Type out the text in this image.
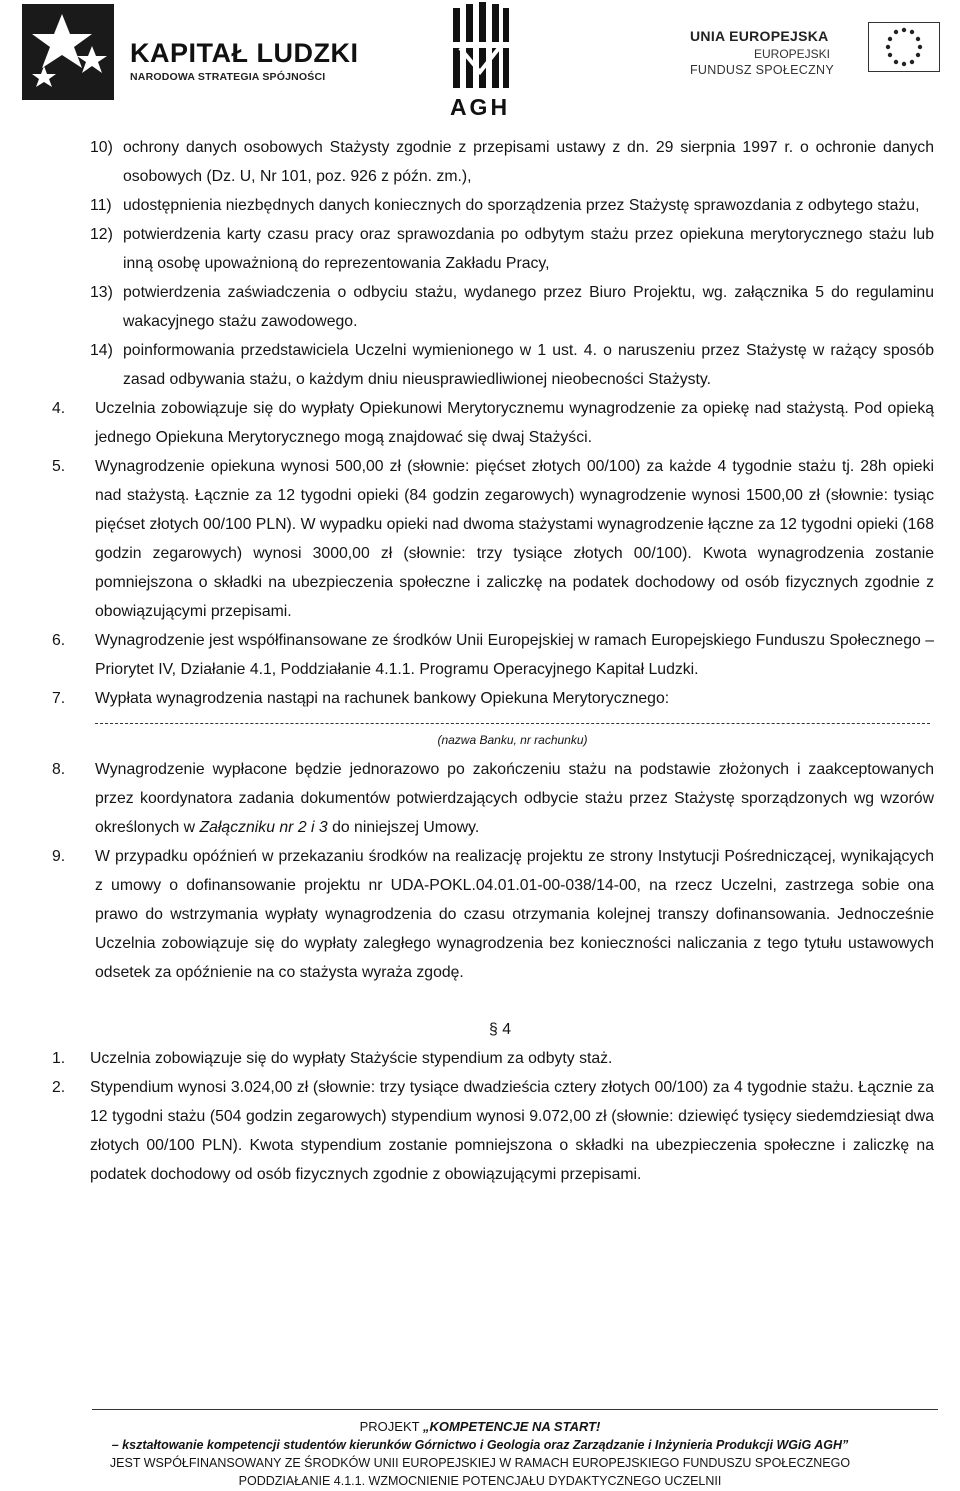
KAPITAŁ LUDZKI
NARODOWA STRATEGIA SPÓJNOŚCI
AGH
UNIA EUROPEJSKA
EUROPEJSKI
FUNDUSZ SPOŁECZNY
10) ochrony danych osobowych Stażysty zgodnie z przepisami ustawy z dn. 29 sierpnia 1997 r. o ochronie danych osobowych (Dz. U, Nr 101, poz. 926 z późn. zm.),
11) udostępnienia niezbędnych danych koniecznych do sporządzenia przez Stażystę sprawozdania z odbytego stażu,
12) potwierdzenia karty czasu pracy oraz sprawozdania po odbytym stażu przez opiekuna merytorycznego stażu lub inną osobę upoważnioną do reprezentowania Zakładu Pracy,
13) potwierdzenia zaświadczenia o odbyciu stażu, wydanego przez Biuro Projektu, wg. załącznika 5 do regulaminu wakacyjnego stażu zawodowego.
14) poinformowania przedstawiciela Uczelni wymienionego w 1 ust. 4. o naruszeniu przez Stażystę w rażący sposób zasad odbywania stażu, o każdym dniu nieusprawiedliwionej nieobecności Stażysty.
4. Uczelnia zobowiązuje się do wypłaty Opiekunowi Merytorycznemu wynagrodzenie za opiekę nad stażystą. Pod opieką jednego Opiekuna Merytorycznego mogą znajdować się dwaj Stażyści.
5. Wynagrodzenie opiekuna wynosi 500,00 zł (słownie: pięćset złotych 00/100) za każde 4 tygodnie stażu tj. 28h opieki nad stażystą. Łącznie za 12 tygodni opieki (84 godzin zegarowych) wynagrodzenie wynosi 1500,00 zł (słownie: tysiąc pięćset złotych 00/100 PLN). W wypadku opieki nad dwoma stażystami wynagrodzenie łączne za 12 tygodni opieki (168 godzin zegarowych) wynosi 3000,00 zł (słownie: trzy tysiące złotych 00/100). Kwota wynagrodzenia zostanie pomniejszona o składki na ubezpieczenia społeczne i zaliczkę na podatek dochodowy od osób fizycznych zgodnie z obowiązującymi przepisami.
6. Wynagrodzenie jest współfinansowane ze środków Unii Europejskiej w ramach Europejskiego Funduszu Społecznego – Priorytet IV, Działanie 4.1, Poddziałanie 4.1.1. Programu Operacyjnego Kapitał Ludzki.
7. Wypłata wynagrodzenia nastąpi na rachunek bankowy Opiekuna Merytorycznego:
(nazwa Banku, nr rachunku)
8. Wynagrodzenie wypłacone będzie jednorazowo po zakończeniu stażu na podstawie złożonych i zaakceptowanych przez koordynatora zadania dokumentów potwierdzających odbycie stażu przez Stażystę sporządzonych wg wzorów określonych w Załączniku nr 2 i 3 do niniejszej Umowy.
9. W przypadku opóźnień w przekazaniu środków na realizację projektu ze strony Instytucji Pośredniczącej, wynikających z umowy o dofinansowanie projektu nr UDA-POKL.04.01.01-00-038/14-00, na rzecz Uczelni, zastrzega sobie ona prawo do wstrzymania wypłaty wynagrodzenia do czasu otrzymania kolejnej transzy dofinansowania. Jednocześnie Uczelnia zobowiązuje się do wypłaty zaległego wynagrodzenia bez konieczności naliczania z tego tytułu ustawowych odsetek za opóźnienie na co stażysta wyraża zgodę.
§ 4
1. Uczelnia zobowiązuje się do wypłaty Stażyście stypendium za odbyty staż.
2. Stypendium wynosi 3.024,00 zł (słownie: trzy tysiące dwadzieścia cztery złotych 00/100) za 4 tygodnie stażu. Łącznie za 12 tygodni stażu (504 godzin zegarowych) stypendium wynosi 9.072,00 zł (słownie: dziewięć tysięcy siedemdziesiąt dwa złotych 00/100 PLN). Kwota stypendium zostanie pomniejszona o składki na ubezpieczenia społeczne i zaliczkę na podatek dochodowy od osób fizycznych zgodnie z obowiązującymi przepisami.
PROJEKT „KOMPETENCJE NA START!
– kształtowanie kompetencji studentów kierunków Górnictwo i Geologia oraz Zarządzanie i Inżynieria Produkcji WGiG AGH”
JEST WSPÓŁFINANSOWANY ZE ŚRODKÓW UNII EUROPEJSKIEJ W RAMACH EUROPEJSKIEGO FUNDUSZU SPOŁECZNEGO
PODDZIAŁANIE 4.1.1. WZMOCNIENIE POTENCJAŁU DYDAKTYCZNEGO UCZELNII
